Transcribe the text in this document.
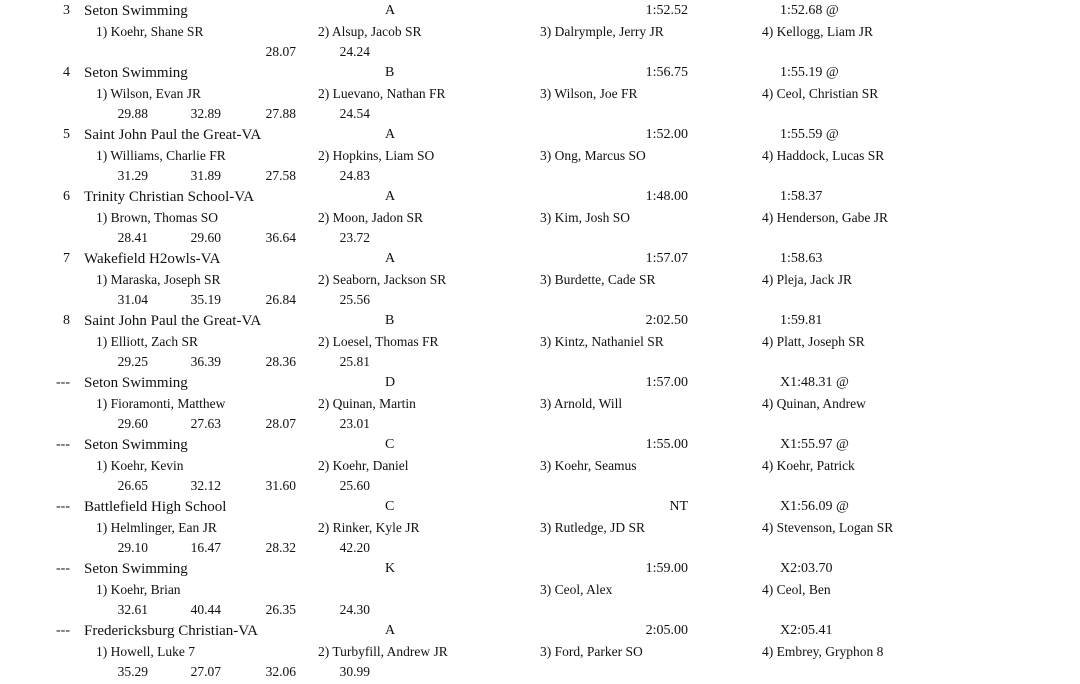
3 Seton Swimming	A	1:52.52	1:52.68 @
1) Koehr, Shane SR	2) Alsup, Jacob SR	3) Dalrymple, Jerry JR	4) Kellogg, Liam JR
28.07	24.24
4 Seton Swimming	B	1:56.75	1:55.19 @
1) Wilson, Evan JR	2) Luevano, Nathan FR	3) Wilson, Joe FR	4) Ceol, Christian SR
29.88	32.89	27.88	24.54
5 Saint John Paul the Great-VA	A	1:52.00	1:55.59 @
1) Williams, Charlie FR	2) Hopkins, Liam SO	3) Ong, Marcus SO	4) Haddock, Lucas SR
31.29	31.89	27.58	24.83
6 Trinity Christian School-VA	A	1:48.00	1:58.37
1) Brown, Thomas SO	2) Moon, Jadon SR	3) Kim, Josh SO	4) Henderson, Gabe JR
28.41	29.60	36.64	23.72
7 Wakefield H2owls-VA	A	1:57.07	1:58.63
1) Maraska, Joseph SR	2) Seaborn, Jackson SR	3) Burdette, Cade SR	4) Pleja, Jack JR
31.04	35.19	26.84	25.56
8 Saint John Paul the Great-VA	B	2:02.50	1:59.81
1) Elliott, Zach SR	2) Loesel, Thomas FR	3) Kintz, Nathaniel SR	4) Platt, Joseph SR
29.25	36.39	28.36	25.81
--- Seton Swimming	D	1:57.00	X1:48.31 @
1) Fioramonti, Matthew	2) Quinan, Martin	3) Arnold, Will	4) Quinan, Andrew
29.60	27.63	28.07	23.01
--- Seton Swimming	C	1:55.00	X1:55.97 @
1) Koehr, Kevin	2) Koehr, Daniel	3) Koehr, Seamus	4) Koehr, Patrick
26.65	32.12	31.60	25.60
--- Battlefield High School	C	NT	X1:56.09 @
1) Helmlinger, Ean JR	2) Rinker, Kyle JR	3) Rutledge, JD SR	4) Stevenson, Logan SR
29.10	16.47	28.32	42.20
--- Seton Swimming	K	1:59.00	X2:03.70
1) Koehr, Brian	3) Ceol, Alex	4) Ceol, Ben
32.61	40.44	26.35	24.30
--- Fredericksburg Christian-VA	A	2:05.00	X2:05.41
1) Howell, Luke 7	2) Turbyfill, Andrew JR	3) Ford, Parker SO	4) Embrey, Gryphon 8
35.29	27.07	32.06	30.99
